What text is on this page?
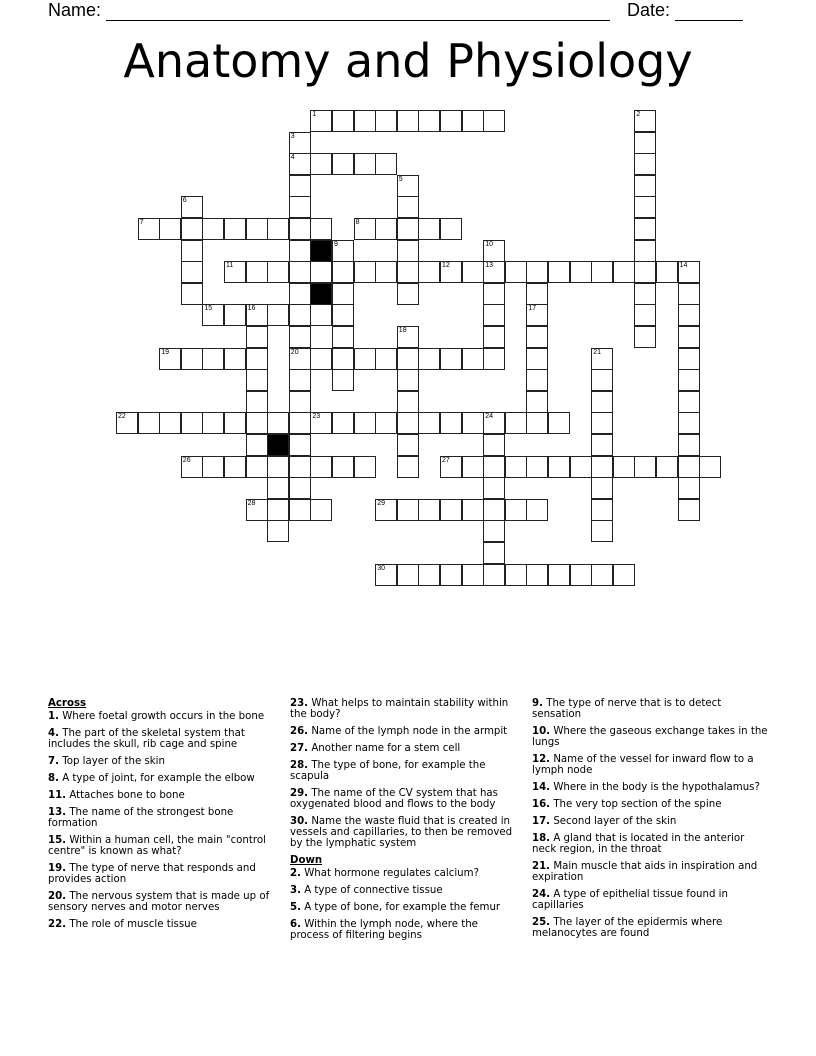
Name:	Date:
Anatomy and Physiology
1
4
7	8
11	12	13
15	16
19	20
22	23	24
26	27
28	29
30
2
3
5
6
9	10
17
14
18
21
25
Across
1. Where foetal growth occurs in the bone
4. The part of the skeletal system that includes the skull, rib cage and spine
7. Top layer of the skin
8. A type of joint, for example the elbow
11. Attaches bone to bone
13. The name of the strongest bone formation
15. Within a human cell, the main "control centre" is known as what?
19. The type of nerve that responds and provides action
20. The nervous system that is made up of sensory nerves and motor nerves
22. The role of muscle tissue
23. What helps to maintain stability within the body?
26. Name of the lymph node in the armpit
27. Another name for a stem cell
28. The type of bone, for example the scapula
29. The name of the CV system that has oxygenated blood and flows to the body
30. Name the waste fluid that is created in vessels and capillaries, to then be removed by the lymphatic system
Down
2. What hormone regulates calcium?
3. A type of connective tissue
5. A type of bone, for example the femur
6. Within the lymph node, where the process of filtering begins
9. The type of nerve that is to detect sensation
10. Where the gaseous exchange takes in the lungs
12. Name of the vessel for inward flow to a lymph node
14. Where in the body is the hypothalamus?
16. The very top section of the spine
17. Second layer of the skin
18. A gland that is located in the anterior neck region, in the throat
21. Main muscle that aids in inspiration and expiration
24. A type of epithelial tissue found in capillaries
25. The layer of the epidermis where melanocytes are found
